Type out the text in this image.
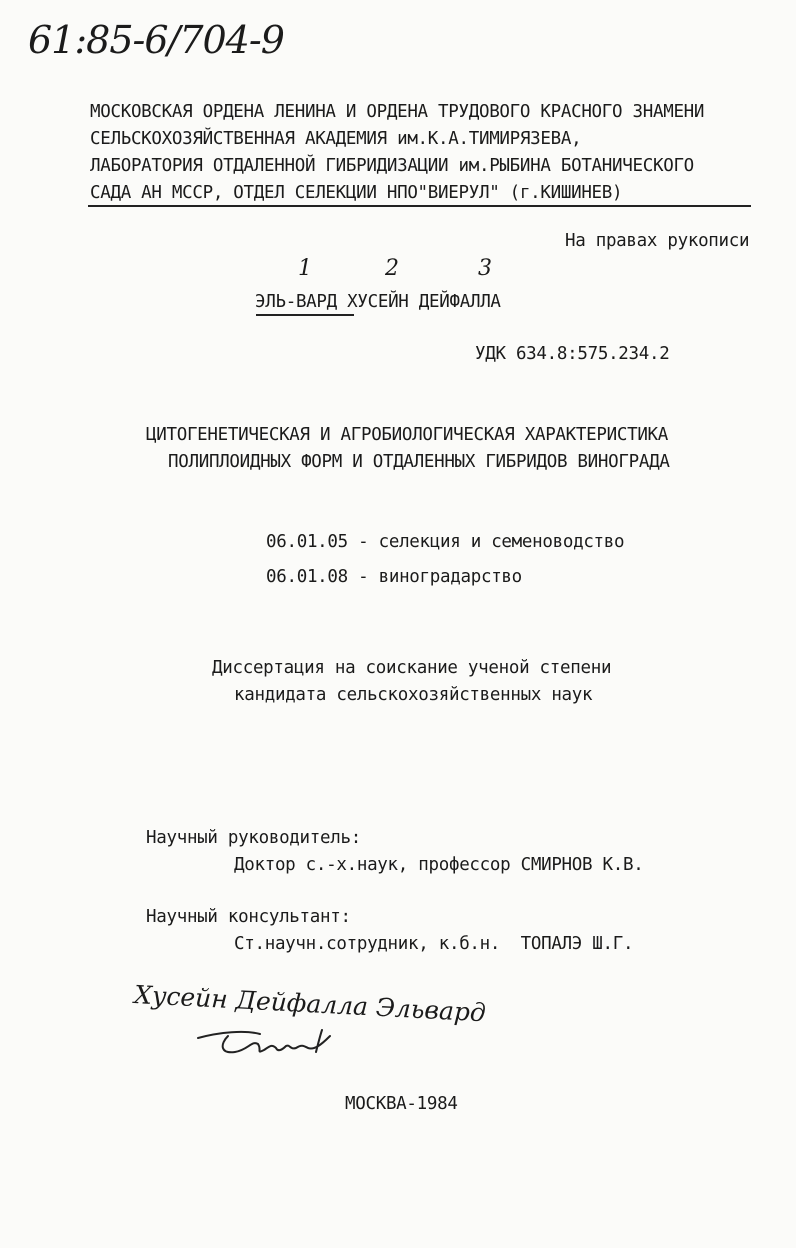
61:85-6/704-9
МОСКОВСКАЯ ОРДЕНА ЛЕНИНА И ОРДЕНА ТРУДОВОГО КРАСНОГО ЗНАМЕНИ
СЕЛЬСКОХОЗЯЙСТВЕННАЯ АКАДЕМИЯ им.К.А.ТИМИРЯЗЕВА,
ЛАБОРАТОРИЯ ОТДАЛЕННОЙ ГИБРИДИЗАЦИИ им.РЫБИНА БОТАНИЧЕСКОГО
САДА АН МССР, ОТДЕЛ СЕЛЕКЦИИ НПО"ВИЕРУЛ" (г.КИШИНЕВ)
На правах рукописи
1	2	3
ЭЛЬ-ВАРД ХУСЕЙН ДЕЙФАЛЛА
УДК 634.8:575.234.2
ЦИТОГЕНЕТИЧЕСКАЯ И АГРОБИОЛОГИЧЕСКАЯ ХАРАКТЕРИСТИКА
ПОЛИПЛОИДНЫХ ФОРМ И ОТДАЛЕННЫХ ГИБРИДОВ ВИНОГРАДА
06.01.05 - селекция и семеноводство
06.01.08 - виноградарство
Диссертация на соискание ученой степени
кандидата сельскохозяйственных наук
Научный руководитель:
Доктор с.-х.наук, профессор СМИРНОВ К.В.
Научный консультант:
Ст.научн.сотрудник, к.б.н.  ТОПАЛЭ Ш.Г.
Хусейн Дейфалла Эльвард
МОСКВА-1984
